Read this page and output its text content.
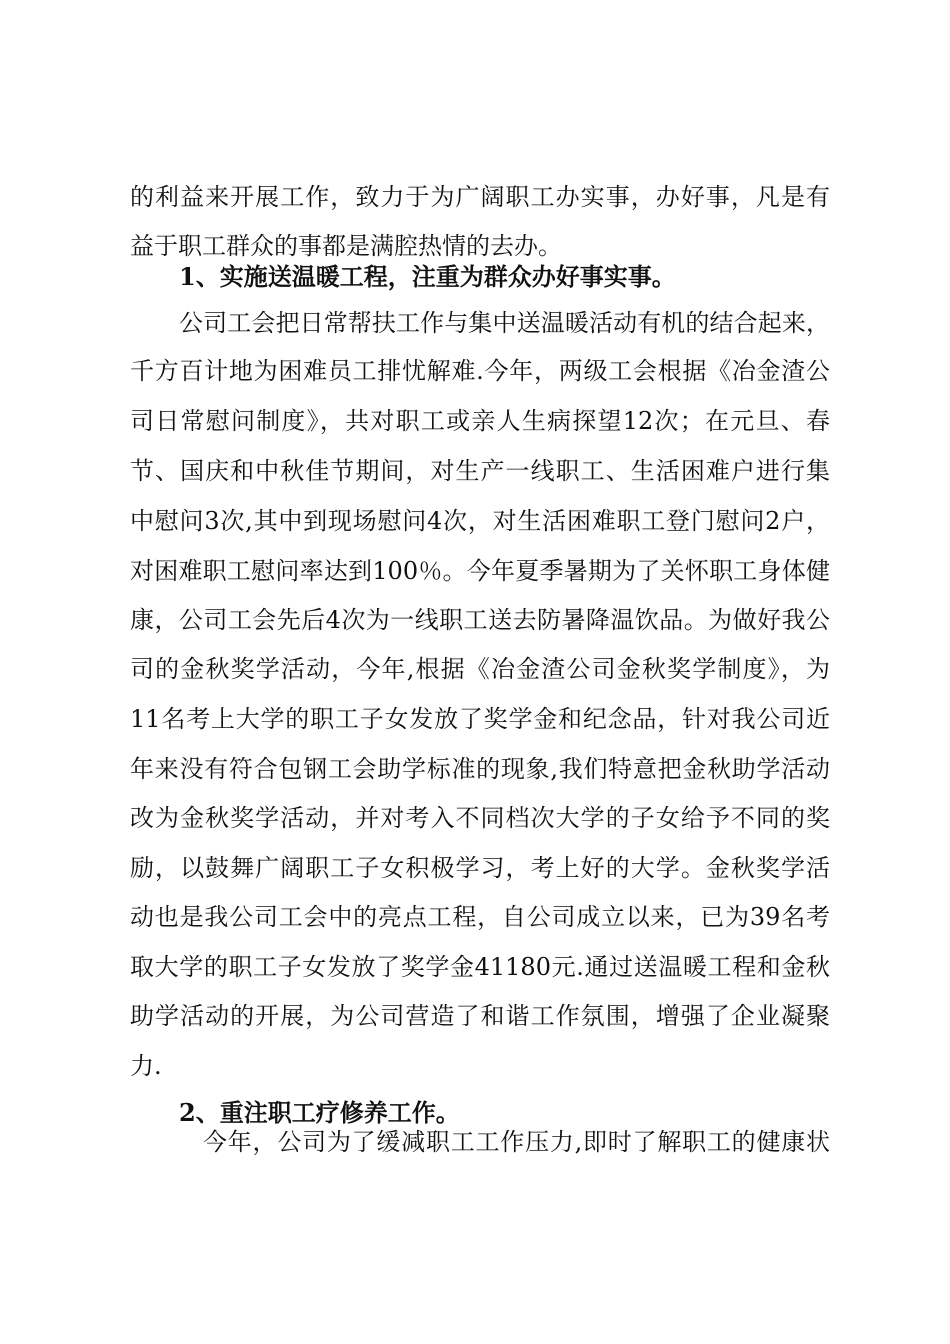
的利益来开展工作，致力于为广阔职工办实事，办好事，凡是有
益于职工群众的事都是满腔热情的去办。
1、实施送温暖工程，注重为群众办好事实事。
公司工会把日常帮扶工作与集中送温暖活动有机的结合起来，
千方百计地为困难员工排忧解难.今年，两级工会根据《冶金渣公
司日常慰问制度》，共对职工或亲人生病探望12次；在元旦、春
节、国庆和中秋佳节期间，对生产一线职工、生活困难户进行集
中慰问3次,其中到现场慰问4次，对生活困难职工登门慰问2户，
对困难职工慰问率达到100％。今年夏季暑期为了关怀职工身体健
康，公司工会先后4次为一线职工送去防暑降温饮品。为做好我公
司的金秋奖学活动，今年,根据《冶金渣公司金秋奖学制度》，为
11名考上大学的职工子女发放了奖学金和纪念品，针对我公司近
年来没有符合包钢工会助学标准的现象,我们特意把金秋助学活动
改为金秋奖学活动，并对考入不同档次大学的子女给予不同的奖
励，以鼓舞广阔职工子女积极学习，考上好的大学。金秋奖学活
动也是我公司工会中的亮点工程，自公司成立以来，已为39名考
取大学的职工子女发放了奖学金41180元.通过送温暖工程和金秋
助学活动的开展，为公司营造了和谐工作氛围，增强了企业凝聚
力.
2、重注职工疗修养工作。
今年，公司为了缓减职工工作压力,即时了解职工的健康状
